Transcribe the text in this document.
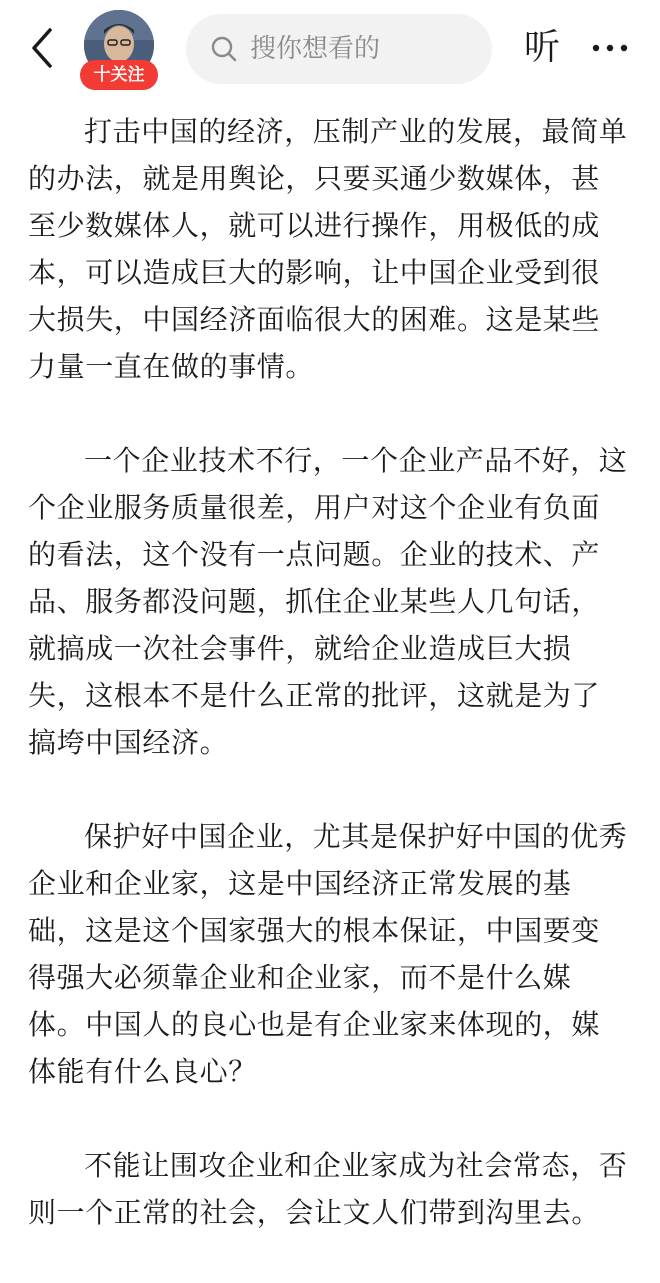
十关注
搜你想看的	听

打击中国的经济，压制产业的发展，最简单的办法，就是用舆论，只要买通少数媒体，甚至少数媒体人，就可以进行操作，用极低的成本，可以造成巨大的影响，让中国企业受到很大损失，中国经济面临很大的困难。这是某些力量一直在做的事情。

一个企业技术不行，一个企业产品不好，这个企业服务质量很差，用户对这个企业有负面的看法，这个没有一点问题。企业的技术、产品、服务都没问题，抓住企业某些人几句话，就搞成一次社会事件，就给企业造成巨大损失，这根本不是什么正常的批评，这就是为了搞垮中国经济。

保护好中国企业，尤其是保护好中国的优秀企业和企业家，这是中国经济正常发展的基础，这是这个国家强大的根本保证，中国要变得强大必须靠企业和企业家，而不是什么媒体。中国人的良心也是有企业家来体现的，媒体能有什么良心？

不能让围攻企业和企业家成为社会常态，否则一个正常的社会，会让文人们带到沟里去。
